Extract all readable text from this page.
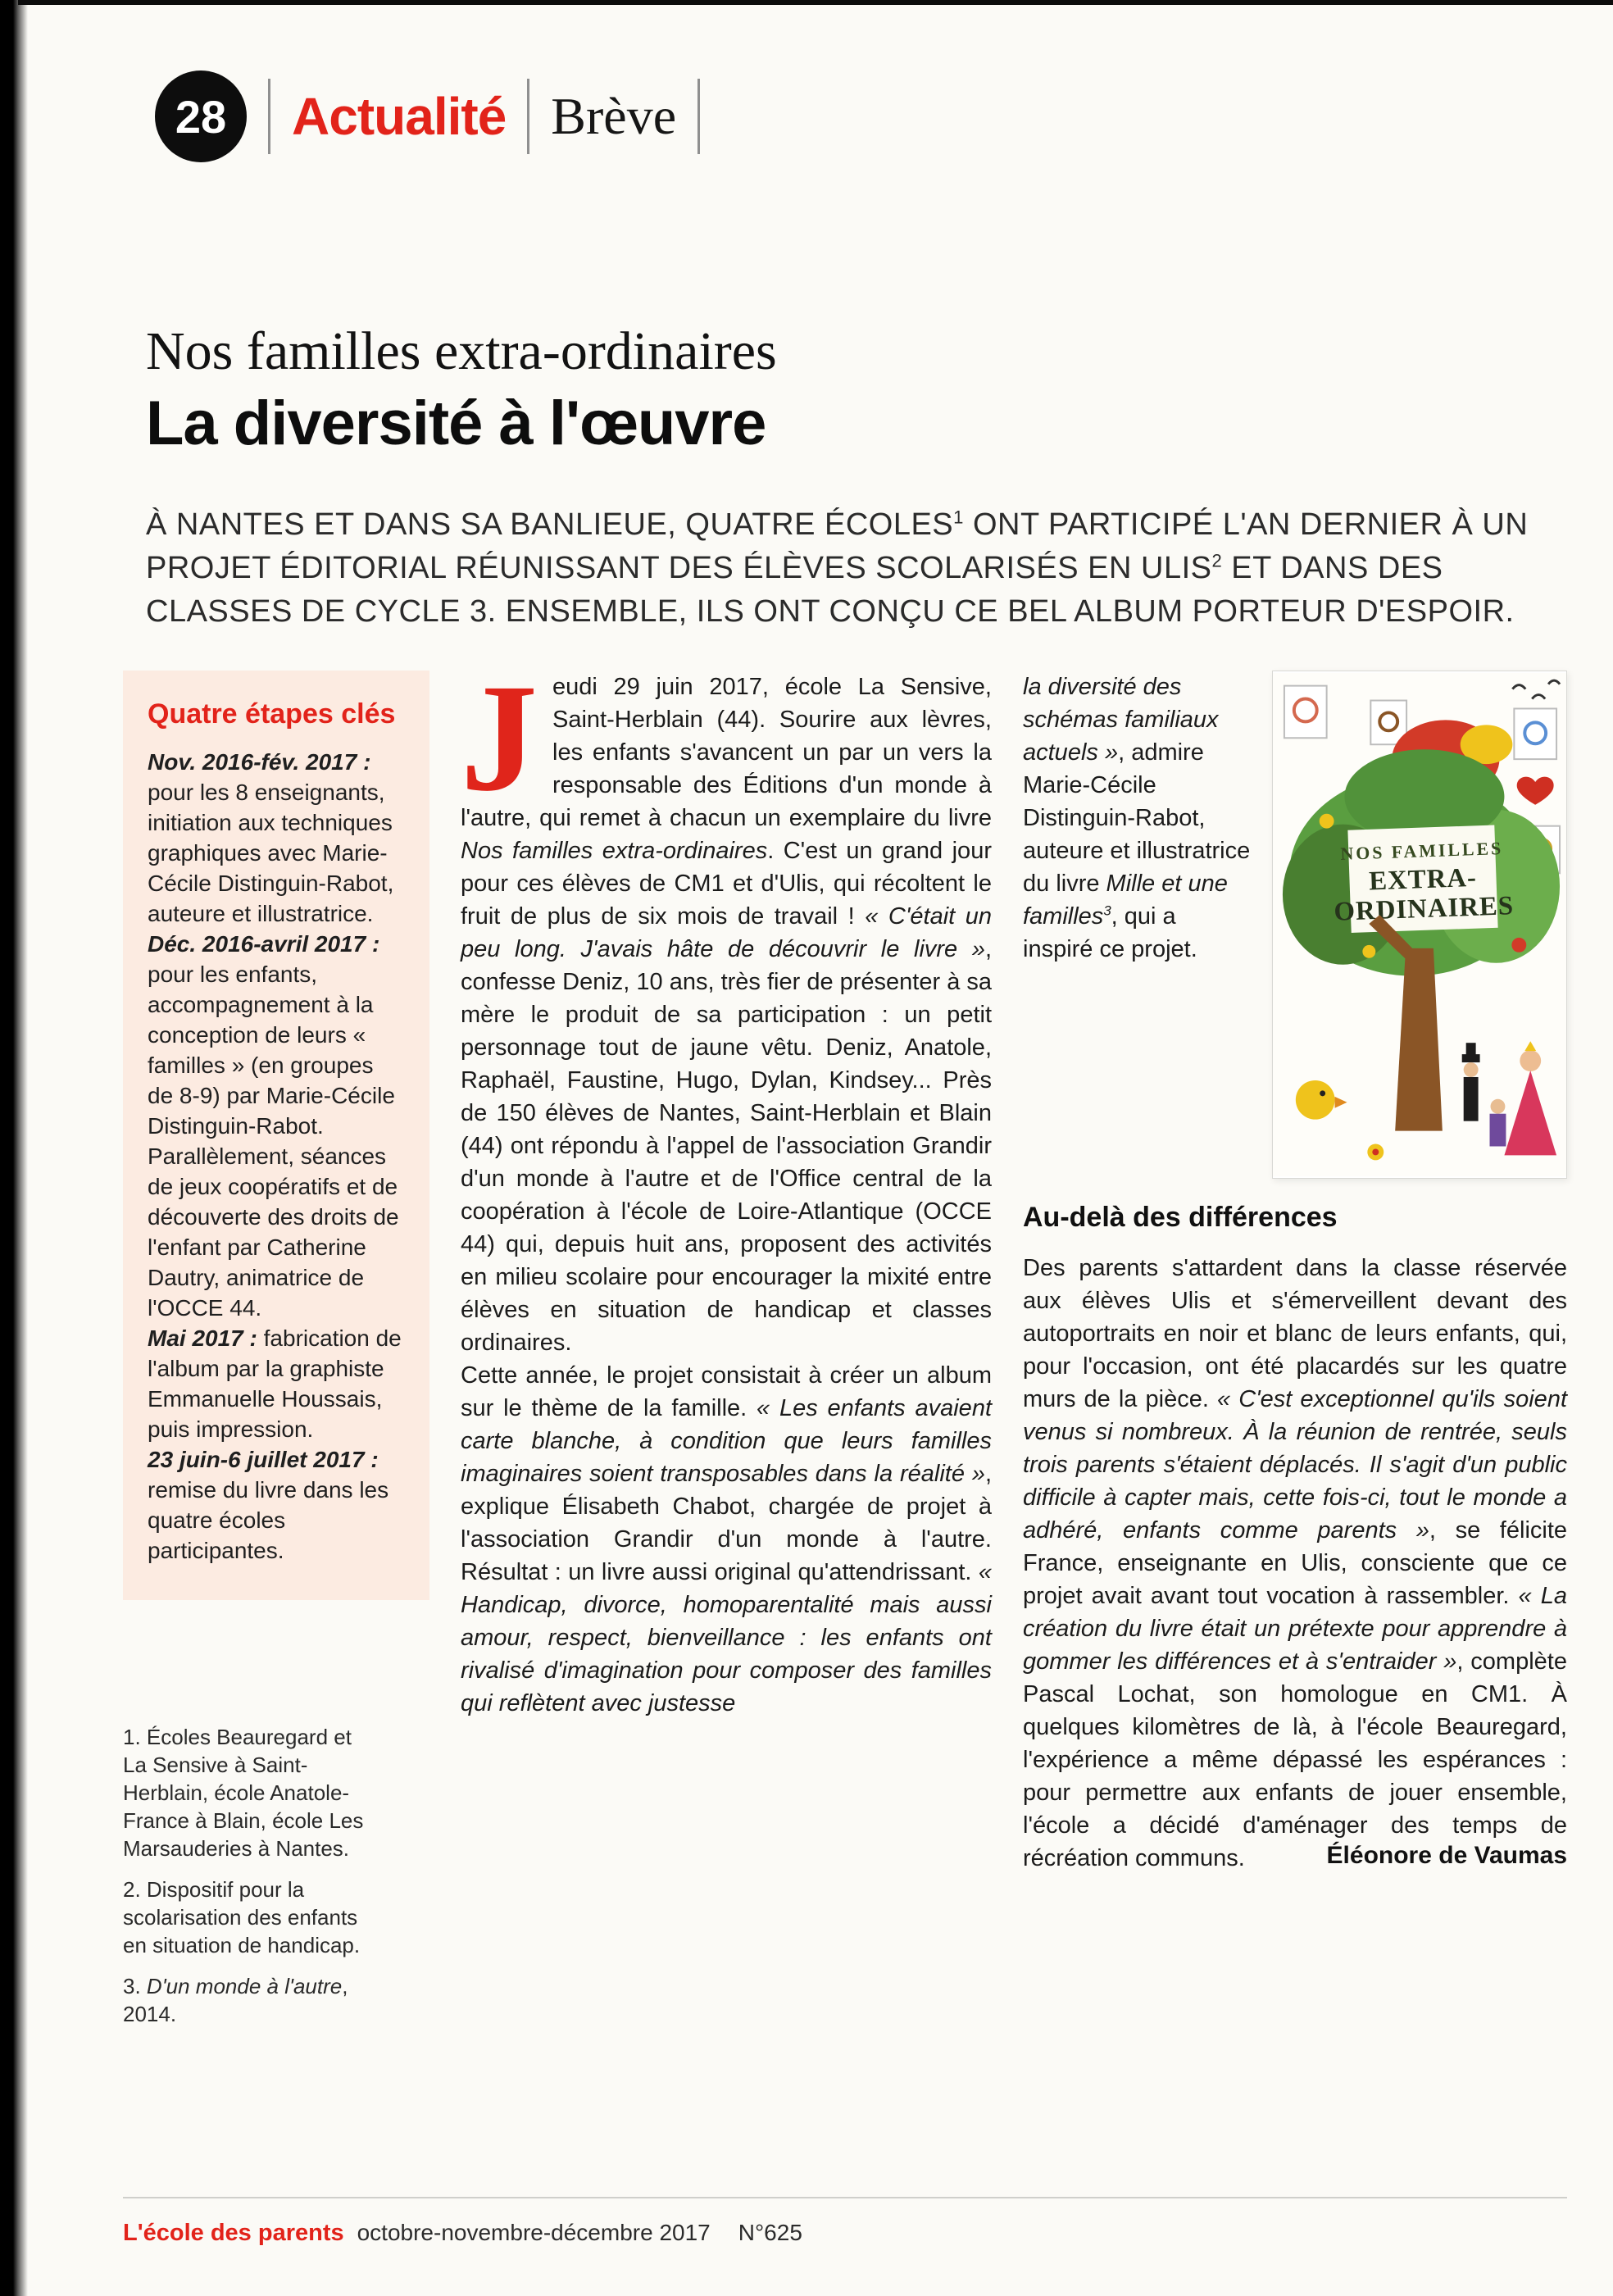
28	Actualité Brève
Nos familles extra-ordinaires
La diversité à l'œuvre

À NANTES ET DANS SA BANLIEUE, QUATRE ÉCOLES$^1$ ONT PARTICIPÉ L'AN DERNIER À UN PROJET ÉDITORIAL RÉUNISSANT DES ÉLÈVES SCOLARISÉS EN ULIS$^2$ ET DANS DES CLASSES DE CYCLE 3. ENSEMBLE, ILS ONT CONÇU CE BEL ALBUM PORTEUR D'ESPOIR.

Quatre étapes clés

Nov. 2016-fév. 2017 : pour les 8 enseignants, initiation aux techniques graphiques avec Marie-Cécile Distinguin-Rabot, auteure et illustratrice.

Déc. 2016-avril 2017 : pour les enfants, accompagnement à la conception de leurs « familles » (en groupes de 8-9) par Marie-Cécile Distinguin-Rabot. Parallèlement, séances de jeux coopératifs et de découverte des droits de l'enfant par Catherine Dautry, animatrice de l'OCCE 44.

Mai 2017 : fabrication de l'album par la graphiste Emmanuelle Houssais, puis impression.

23 juin-6 juillet 2017 : remise du livre dans les quatre écoles participantes.

1. Écoles Beauregard et La Sensive à Saint-Herblain, école Anatole-France à Blain, école Les Marsauderies à Nantes.

2. Dispositif pour la scolarisation des enfants en situation de handicap.

3. D'un monde à l'autre, 2014.

Jeudi 29 juin 2017, école La Sensive, Saint-Herblain (44). Sourire aux lèvres, les enfants s'avancent un par un vers la responsable des Éditions d'un monde à l'autre, qui remet à chacun un exemplaire du livre Nos familles extra-ordinaires. C'est un grand jour pour ces élèves de CM1 et d'Ulis, qui récoltent le fruit de plus de six mois de travail ! « C'était un peu long. J'avais hâte de découvrir le livre », confesse Deniz, 10 ans, très fier de présenter à sa mère le produit de sa participation : un petit personnage tout de jaune vêtu. Deniz, Anatole, Raphaël, Faustine, Hugo, Dylan, Kindsey... Près de 150 élèves de Nantes, Saint-Herblain et Blain (44) ont répondu à l'appel de l'association Grandir d'un monde à l'autre et de l'Office central de la coopération à l'école de Loire-Atlantique (OCCE 44) qui, depuis huit ans, proposent des activités en milieu scolaire pour encourager la mixité entre élèves en situation de handicap et classes ordinaires.

Cette année, le projet consistait à créer un album sur le thème de la famille. « Les enfants avaient carte blanche, à condition que leurs familles imaginaires soient transposables dans la réalité », explique Élisabeth Chabot, chargée de projet à l'association Grandir d'un monde à l'autre. Résultat : un livre aussi original qu'attendrissant. « Handicap, divorce, homoparentalité mais aussi amour, respect, bienveillance : les enfants ont rivalisé d'imagination pour composer des familles qui reflètent avec justesse

la diversité des schémas familiaux actuels », admire Marie-Cécile Distinguin-Rabot, auteure et illustratrice du livre Mille et une familles$^3$, qui a inspiré ce projet.

NOS FAMILLES
EXTRA-
ORDINAIRES
Au-delà des différences

Des parents s'attardent dans la classe réservée aux élèves Ulis et s'émerveillent devant des autoportraits en noir et blanc de leurs enfants, qui, pour l'occasion, ont été placardés sur les quatre murs de la pièce. « C'est exceptionnel qu'ils soient venus si nombreux. À la réunion de rentrée, seuls trois parents s'étaient déplacés. Il s'agit d'un public difficile à capter mais, cette fois-ci, tout le monde a adhéré, enfants comme parents », se félicite France, enseignante en Ulis, consciente que ce projet avait avant tout vocation à rassembler. « La création du livre était un prétexte pour apprendre à gommer les différences et à s'entraider », complète Pascal Lochat, son homologue en CM1. À quelques kilomètres de là, à l'école Beauregard, l'expérience a même dépassé les espérances : pour permettre aux enfants de jouer ensemble, l'école a décidé d'aménager des temps de récréation communs.	Éléonore de Vaumas
L'école des parents octobre-novembre-décembre 2017 N°625
